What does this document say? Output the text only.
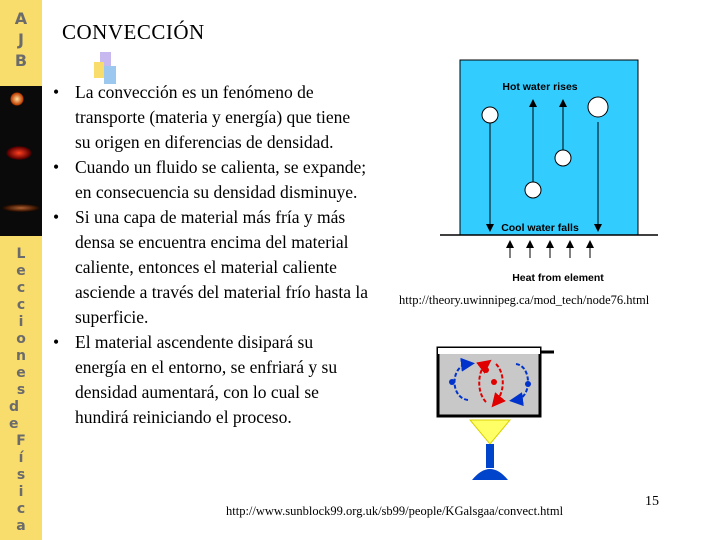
A
J
B
L
e
c
c
i
o
n
e
s
d
e
F
í
s
i
c
a
CONVECCIÓN
• La convección es un fenómeno de transporte (materia y energía) que tiene su origen en diferencias de densidad.
• Cuando un fluido se calienta, se expande; en consecuencia su densidad disminuye.
• Si una capa de material más fría y más densa se encuentra encima del material caliente, entonces el material caliente asciende a través del material frío hasta la superficie.
• El material ascendente disipará su energía en el entorno, se enfriará y su densidad aumentará, con lo cual se hundirá reiniciando el proceso.
Hot water rises
Cool water falls
Heat from element
http://theory.uwinnipeg.ca/mod_tech/node76.html
http://www.sunblock99.org.uk/sb99/people/KGalsgaa/convect.html
15
